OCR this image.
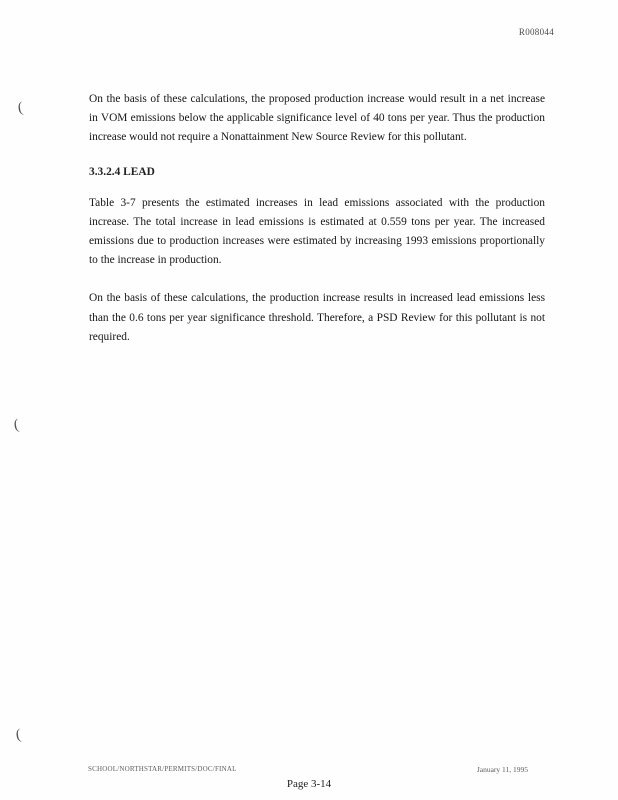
R008044
(
(
(

On the basis of these calculations, the proposed production increase would result in a net increase in VOM emissions below the applicable significance level of 40 tons per year. Thus the production increase would not require a Nonattainment New Source Review for this pollutant.

3.3.2.4 LEAD

Table 3-7 presents the estimated increases in lead emissions associated with the production increase. The total increase in lead emissions is estimated at 0.559 tons per year. The increased emissions due to production increases were estimated by increasing 1993 emissions proportionally to the increase in production.

On the basis of these calculations, the production increase results in increased lead emissions less than the 0.6 tons per year significance threshold. Therefore, a PSD Review for this pollutant is not required.

SCHOOL/NORTHSTAR/PERMITS/DOC/FINAL	January 11, 1995
Page 3-14
